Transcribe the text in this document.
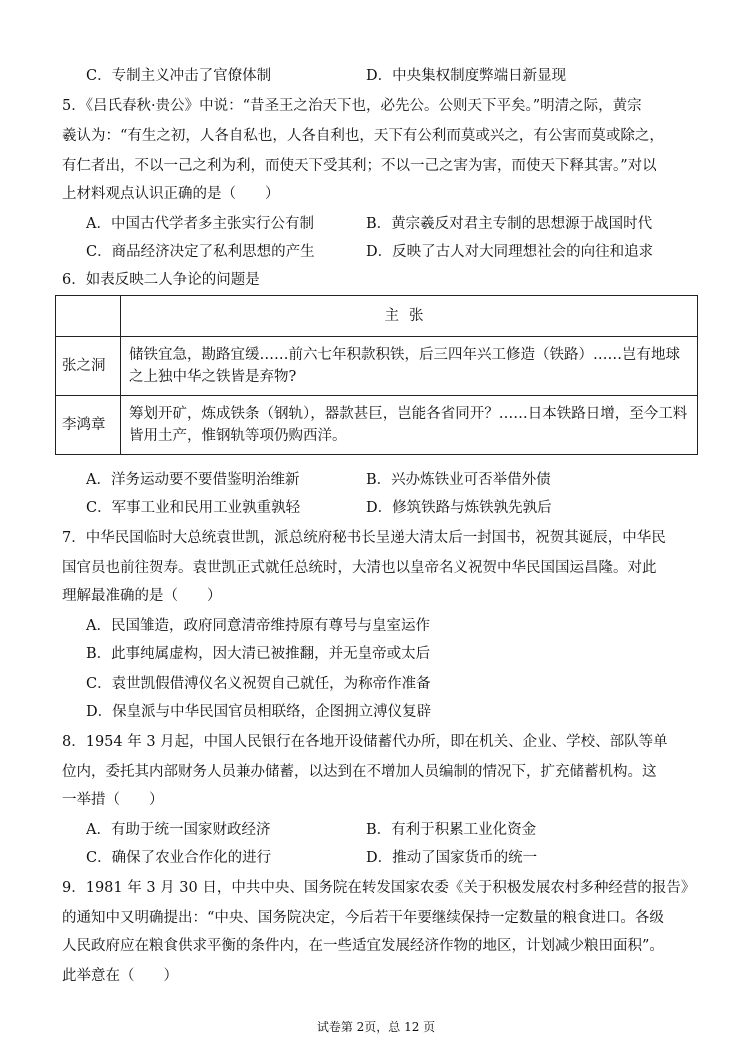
C．专制主义冲击了官僚体制	D．中央集权制度弊端日新显现
5．《吕氏春秋·贵公》中说：“昔圣王之治天下也，必先公。公则天下平矣。”明清之际，黄宗
羲认为：“有生之初，人各自私也，人各自利也，天下有公利而莫或兴之，有公害而莫或除之，
有仁者出，不以一己之利为利，而使天下受其利；不以一己之害为害，而使天下释其害。”对以
上材料观点认识正确的是（　　）
A．中国古代学者多主张实行公有制	B．黄宗羲反对君主专制的思想源于战国时代
C．商品经济决定了私利思想的产生	D．反映了古人对大同理想社会的向往和追求
6．如表反映二人争论的问题是
	主张
张之洞	储铁宜急，勘路宜缓……前六七年积款积铁，后三四年兴工修造（铁路）……岂有地球之上独中华之铁皆是弃物?
李鸿章	筹划开矿，炼成铁条（钢轨），器款甚巨，岂能各省同开？……日本铁路日增，至今工料皆用土产，惟钢轨等项仍购西洋。
A．洋务运动要不要借鉴明治维新	B．兴办炼铁业可否举借外债
C．军事工业和民用工业孰重孰轻	D．修筑铁路与炼铁孰先孰后
7．中华民国临时大总统袁世凯，派总统府秘书长呈递大清太后一封国书，祝贺其诞辰，中华民
国官员也前往贺寿。袁世凯正式就任总统时，大清也以皇帝名义祝贺中华民国国运昌隆。对此
理解最准确的是（　　）
A．民国雏造，政府同意清帝维持原有尊号与皇室运作
B．此事纯属虚构，因大清已被推翻，并无皇帝或太后
C．袁世凯假借溥仪名义祝贺自己就任，为称帝作准备
D．保皇派与中华民国官员相联络，企图拥立溥仪复辟
8．1954 年 3 月起，中国人民银行在各地开设储蓄代办所，即在机关、企业、学校、部队等单
位内，委托其内部财务人员兼办储蓄，以达到在不增加人员编制的情况下，扩充储蓄机构。这
一举措（　　）
A．有助于统一国家财政经济	B．有利于积累工业化资金
C．确保了农业合作化的进行	D．推动了国家货币的统一
9．1981 年 3 月 30 日，中共中央、国务院在转发国家农委《关于积极发展农村多种经营的报告》
的通知中又明确提出：“中央、国务院决定，今后若干年要继续保持一定数量的粮食进口。各级
人民政府应在粮食供求平衡的条件内，在一些适宜发展经济作物的地区，计划减少粮田面积”。
此举意在（　　）
试卷第 2页，总 12 页
